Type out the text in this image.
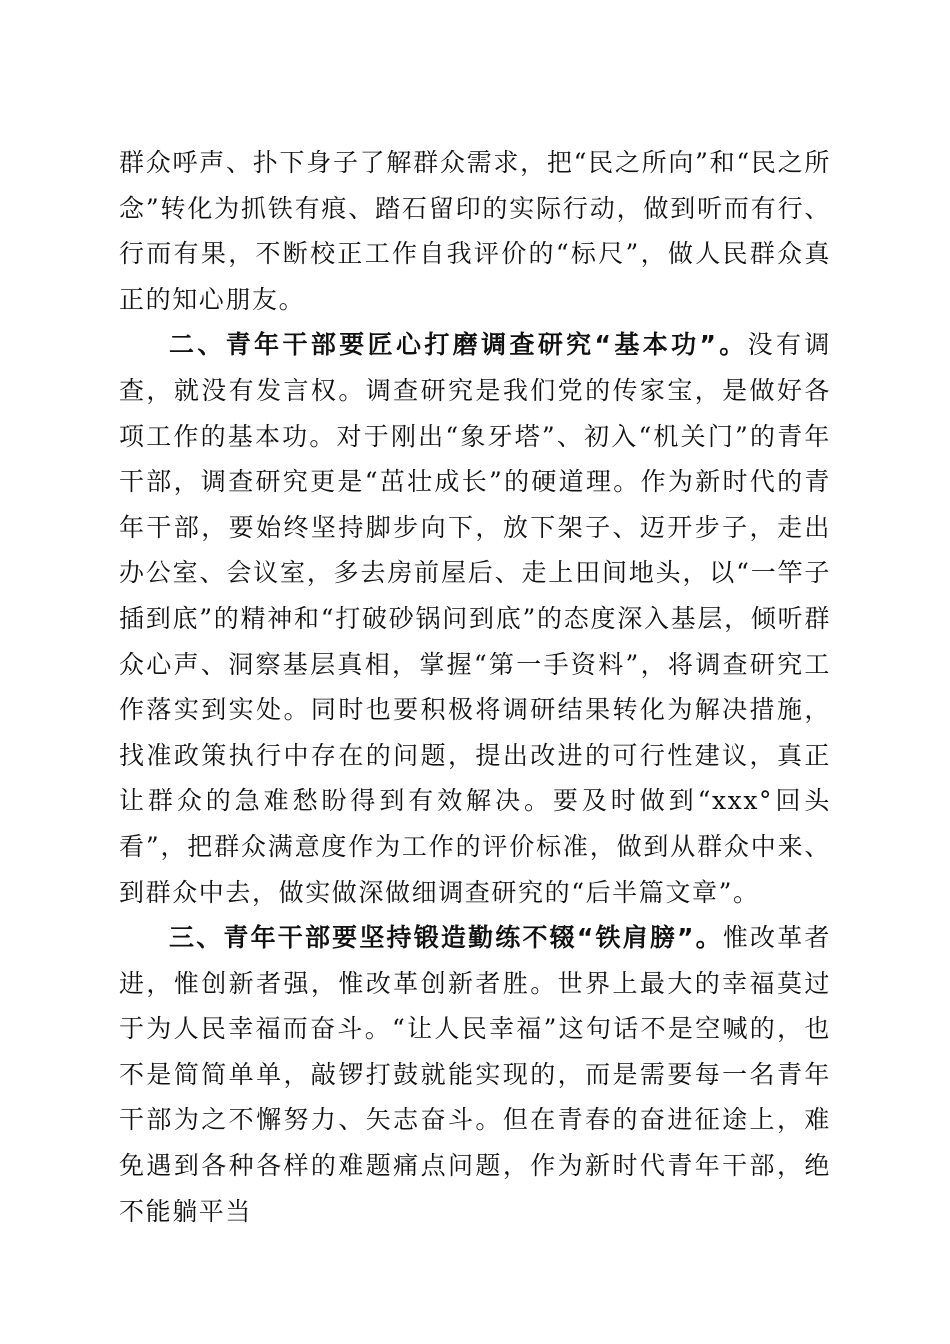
群众呼声、扑下身子了解群众需求，把“民之所向”和“民之所念”转化为抓铁有痕、踏石留印的实际行动，做到听而有行、行而有果，不断校正工作自我评价的“标尺”，做人民群众真正的知心朋友。

二、青年干部要匠心打磨调查研究“基本功”。没有调查，就没有发言权。调查研究是我们党的传家宝，是做好各项工作的基本功。对于刚出“象牙塔”、初入“机关门”的青年干部，调查研究更是“茁壮成长”的硬道理。作为新时代的青年干部，要始终坚持脚步向下，放下架子、迈开步子，走出办公室、会议室，多去房前屋后、走上田间地头，以“一竿子插到底”的精神和“打破砂锅问到底”的态度深入基层，倾听群众心声、洞察基层真相，掌握“第一手资料”，将调查研究工作落实到实处。同时也要积极将调研结果转化为解决措施，找准政策执行中存在的问题，提出改进的可行性建议，真正让群众的急难愁盼得到有效解决。要及时做到“xxx°回头看”，把群众满意度作为工作的评价标准，做到从群众中来、到群众中去，做实做深做细调查研究的“后半篇文章”。

三、青年干部要坚持锻造勤练不辍“铁肩膀”。惟改革者进，惟创新者强，惟改革创新者胜。世界上最大的幸福莫过于为人民幸福而奋斗。“让人民幸福”这句话不是空喊的，也不是简简单单，敲锣打鼓就能实现的，而是需要每一名青年干部为之不懈努力、矢志奋斗。但在青春的奋进征途上，难免遇到各种各样的难题痛点问题，作为新时代青年干部，绝不能躺平当
